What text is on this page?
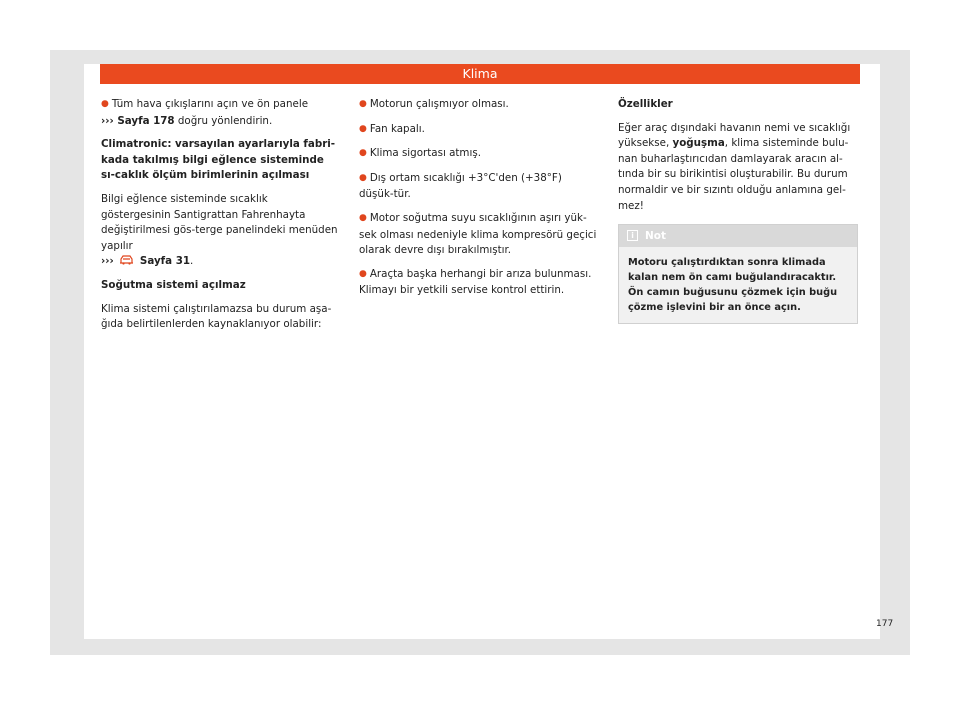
Klima

● Tüm hava çıkışlarını açın ve ön panele
››› Sayfa 178 doğru yönlendirin.

Climatronic: varsayılan ayarlarıyla fabri-kada takılmış bilgi eğlence sisteminde sı-caklık ölçüm birimlerinin açılması

Bilgi eğlence sisteminde sıcaklık göstergesinin Santigrattan Fahrenhayta değiştirilmesi gös-terge panelindeki menüden yapılır
›››	Sayfa 31.

Soğutma sistemi açılmaz

Klima sistemi çalıştırılamazsa bu durum aşa-ğıda belirtilenlerden kaynaklanıyor olabilir:

● Motorun çalışmıyor olması.

● Fan kapalı.

● Klima sigortası atmış.

● Dış ortam sıcaklığı +3°C'den (+38°F) düşük-tür.

● Motor soğutma suyu sıcaklığının aşırı yük-sek olması nedeniyle klima kompresörü geçici olarak devre dışı bırakılmıştır.

● Araçta başka herhangi bir arıza bulunması. Klimayı bir yetkili servise kontrol ettirin.

Özellikler

Eğer araç dışındaki havanın nemi ve sıcaklığı yüksekse, yoğuşma, klima sisteminde bulu-nan buharlaştırıcıdan damlayarak aracın al-tında bir su birikintisi oluşturabilir. Bu durum normaldir ve bir sızıntı olduğu anlamına gel-mez!

i Not
Motoru çalıştırdıktan sonra klimada kalan nem ön camı buğulandıracaktır. Ön camın buğusunu çözmek için buğu çözme işlevini bir an önce açın.
177
